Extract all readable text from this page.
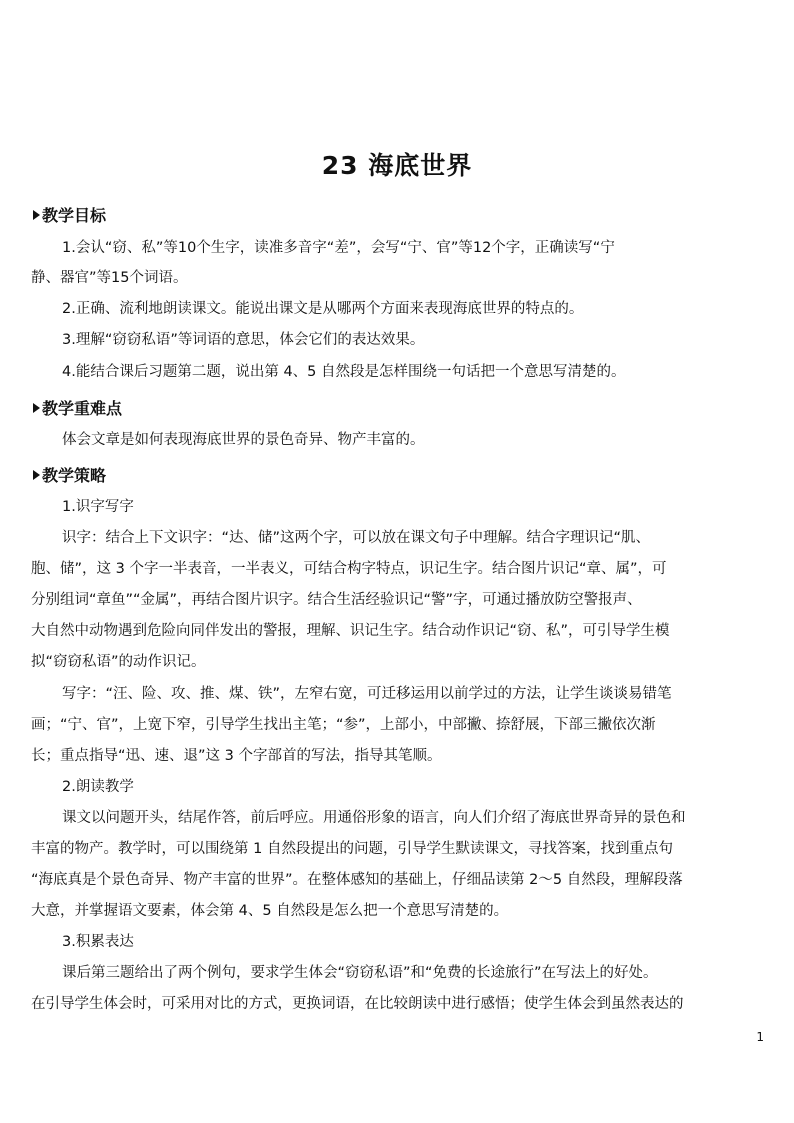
23 海底世界
教学目标
1.会认“窃、私”等10个生字，读准多音字“差”，会写“宁、官”等12个字，正确读写“宁
静、器官”等15个词语。
2.正确、流利地朗读课文。能说出课文是从哪两个方面来表现海底世界的特点的。
3.理解“窃窃私语”等词语的意思，体会它们的表达效果。
4.能结合课后习题第二题，说出第 4、5 自然段是怎样围绕一句话把一个意思写清楚的。
教学重难点
体会文章是如何表现海底世界的景色奇异、物产丰富的。
教学策略
1.识字写字
识字：结合上下文识字：“达、储”这两个字，可以放在课文句子中理解。结合字理识记“肌、
胞、储”，这 3 个字一半表音，一半表义，可结合构字特点，识记生字。结合图片识记“章、属”，可
分别组词“章鱼”“金属”，再结合图片识字。结合生活经验识记“警”字，可通过播放防空警报声、
大自然中动物遇到危险向同伴发出的警报，理解、识记生字。结合动作识记“窃、私”，可引导学生模
拟“窃窃私语”的动作识记。
写字：“汪、险、攻、推、煤、铁”，左窄右宽，可迁移运用以前学过的方法，让学生谈谈易错笔
画；“宁、官”，上宽下窄，引导学生找出主笔；“参”，上部小，中部撇、捺舒展，下部三撇依次渐
长；重点指导“迅、速、退”这 3 个字部首的写法，指导其笔顺。
2.朗读教学
课文以问题开头，结尾作答，前后呼应。用通俗形象的语言，向人们介绍了海底世界奇异的景色和
丰富的物产。教学时，可以围绕第 1 自然段提出的问题，引导学生默读课文，寻找答案，找到重点句
“海底真是个景色奇异、物产丰富的世界”。在整体感知的基础上，仔细品读第 2～5 自然段，理解段落
大意，并掌握语文要素，体会第 4、5 自然段是怎么把一个意思写清楚的。
3.积累表达
课后第三题给出了两个例句，要求学生体会“窃窃私语”和“免费的长途旅行”在写法上的好处。
在引导学生体会时，可采用对比的方式，更换词语，在比较朗读中进行感悟；使学生体会到虽然表达的
1
